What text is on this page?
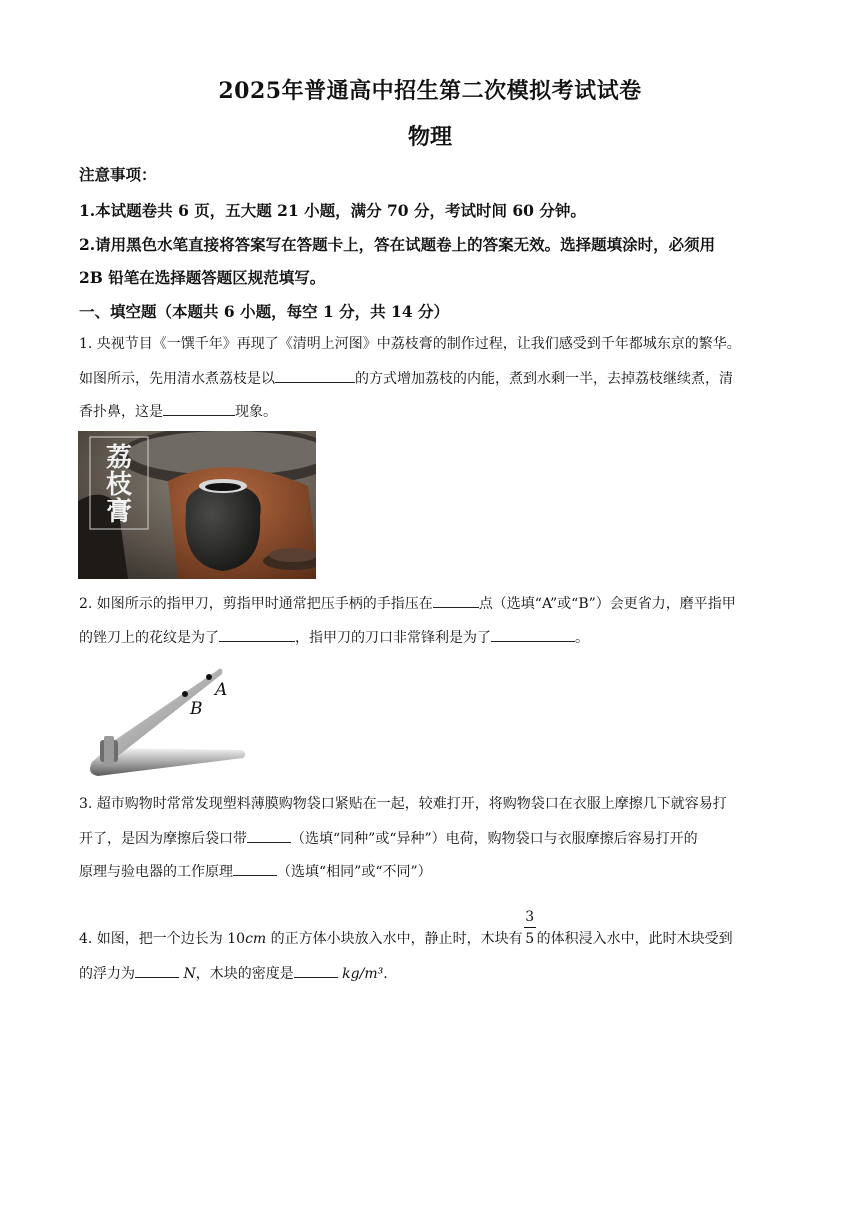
2025年普通高中招生第二次模拟考试试卷
物理
注意事项：
1.本试题卷共 6 页，五大题 21 小题，满分 70 分，考试时间 60 分钟。
2.请用黑色水笔直接将答案写在答题卡上，答在试题卷上的答案无效。选择题填涂时，必须用
2B 铅笔在选择题答题区规范填写。
一、填空题（本题共 6 小题，每空 1 分，共 14 分）
1. 央视节目《一馔千年》再现了《清明上河图》中荔枝膏的制作过程，让我们感受到千年都城东京的繁华。
如图所示，先用清水煮荔枝是以	的方式增加荔枝的内能，煮到水剩一半，去掉荔枝继续煮，清
香扑鼻，这是	现象。
荔
枝
膏
2. 如图所示的指甲刀，剪指甲时通常把压手柄的手指压在	点（选填“A”或“B”）会更省力，磨平指甲
的锉刀上的花纹是为了	，指甲刀的刀口非常锋利是为了	。
A
B
3. 超市购物时常常发现塑料薄膜购物袋口紧贴在一起，较难打开，将购物袋口在衣服上摩擦几下就容易打
开了，是因为摩擦后袋口带	（选填“同种”或“异种”）电荷，购物袋口与衣服摩擦后容易打开的
原理与验电器的工作原理	（选填“相同”或“不同”）
4. 如图，把一个边长为 10cm 的正方体小块放入水中，静止时，木块有 $\frac{3}{5}$ 的体积浸入水中，此时木块受到
的浮力为	N，木块的密度是	kg/m³.
